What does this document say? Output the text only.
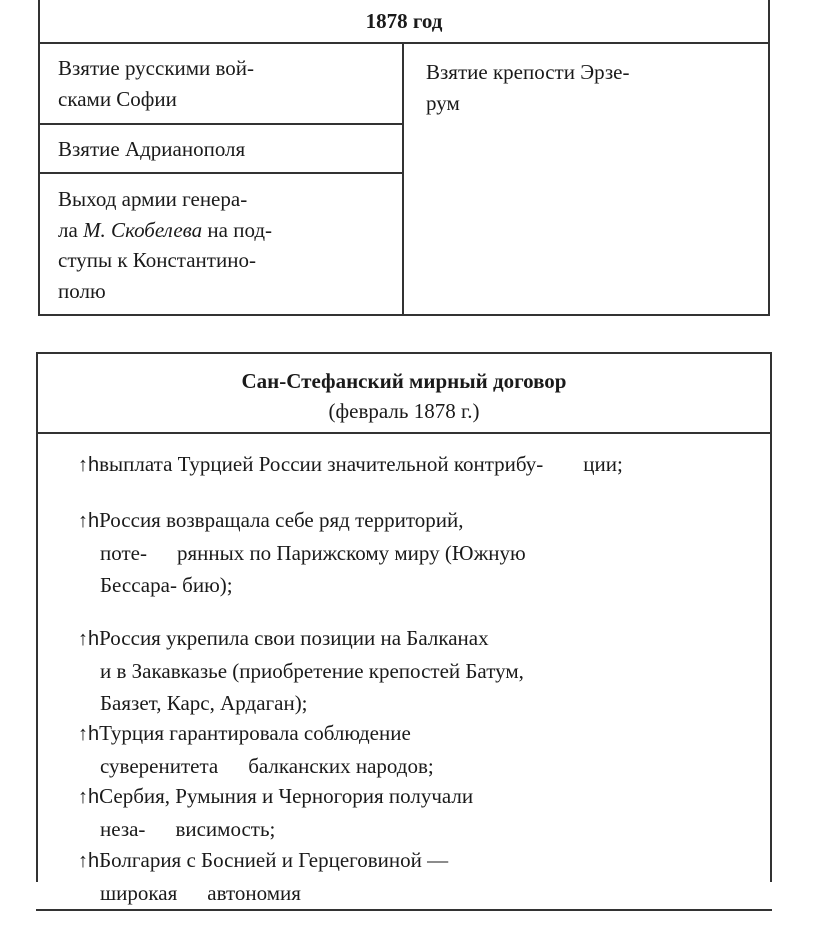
1878 год
Взятие русскими вой-
сками Софии
Взятие Адрианополя
Выход армии генера-
ла М. Скобелева на под-
ступы к Константино-
полю
Взятие крепости Эрзе-
рум
Сан-Стефанский мирный договор
(февраль 1878 г.)
↑hвыплата Турцией России значительной контрибу- ции;
↑hРоссия возвращала себе ряд территорий,
поте- рянных по Парижскому миру (Южную
Бессара- бию);
↑hРоссия укрепила свои позиции на Балканах
и в Закавказье (приобретение крепостей Батум,
Баязет, Карс, Ардаган);
↑hТурция гарантировала соблюдение
суверенитета балканских народов;
↑hСербия, Румыния и Черногория получали
неза- висимость;
↑hБолгария с Боснией и Герцеговиной —
широкая автономия
